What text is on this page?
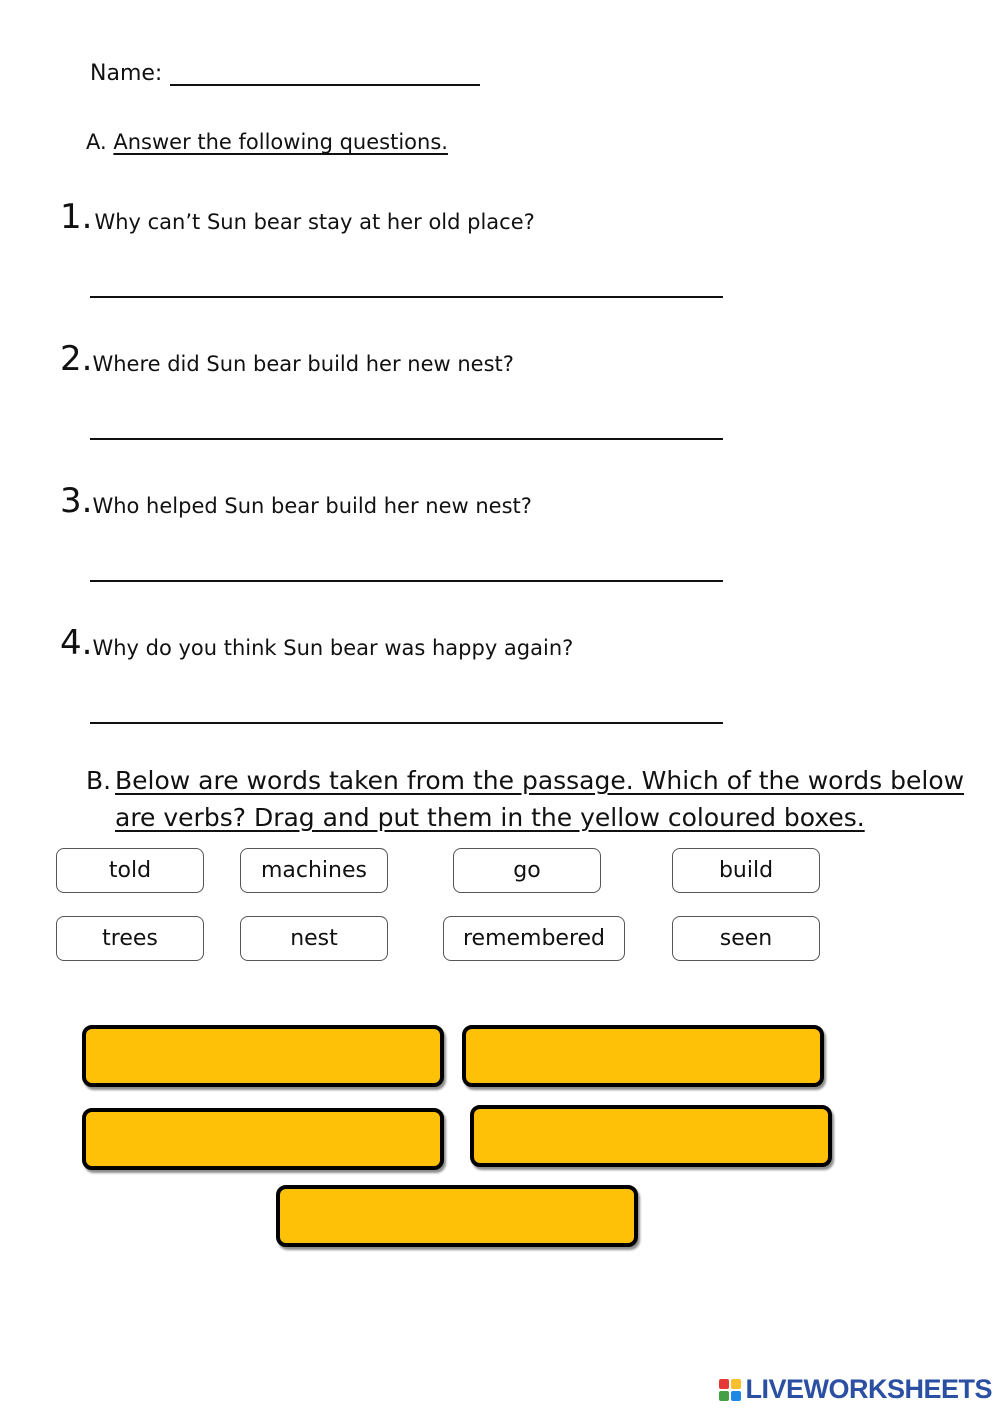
Name:
A. Answer the following questions.
1. Why can’t Sun bear stay at her old place?
2. Where did Sun bear build her new nest?
3. Who helped Sun bear build her new nest?
4. Why do you think Sun bear was happy again?
B. Below are words taken from the passage. Which of the words below are verbs? Drag and put them in the yellow coloured boxes.
told	machines	go	build
trees	nest	remembered	seen
LIVEWORKSHEETS
